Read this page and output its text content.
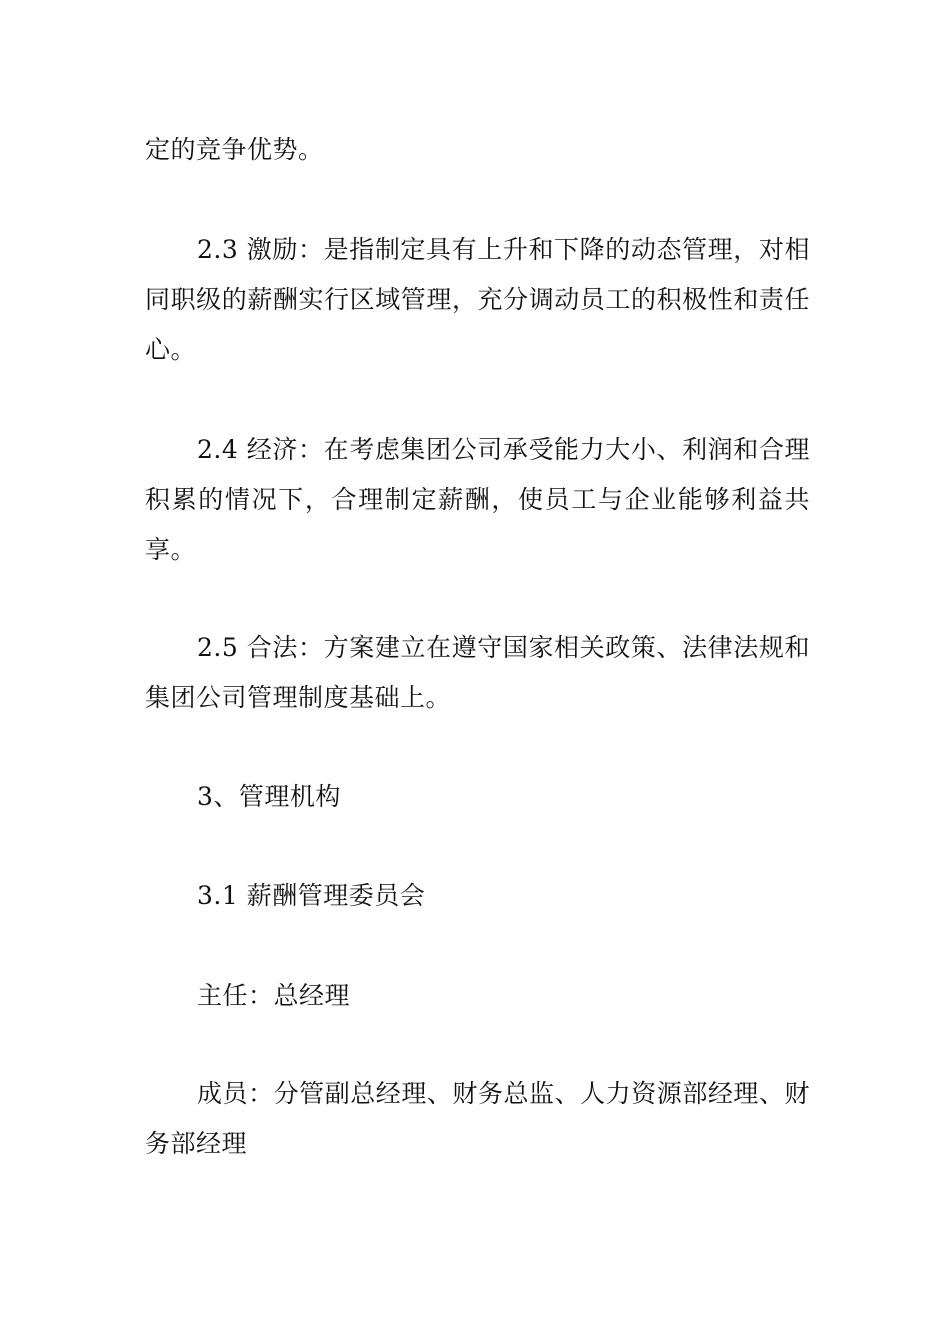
定的竞争优势。

2.3 激励：是指制定具有上升和下降的动态管理，对相同职级的薪酬实行区域管理，充分调动员工的积极性和责任心。

2.4 经济：在考虑集团公司承受能力大小、利润和合理积累的情况下，合理制定薪酬，使员工与企业能够利益共享。

2.5 合法：方案建立在遵守国家相关政策、法律法规和集团公司管理制度基础上。

3、管理机构

3.1 薪酬管理委员会

主任：总经理

成员：分管副总经理、财务总监、人力资源部经理、财务部经理
